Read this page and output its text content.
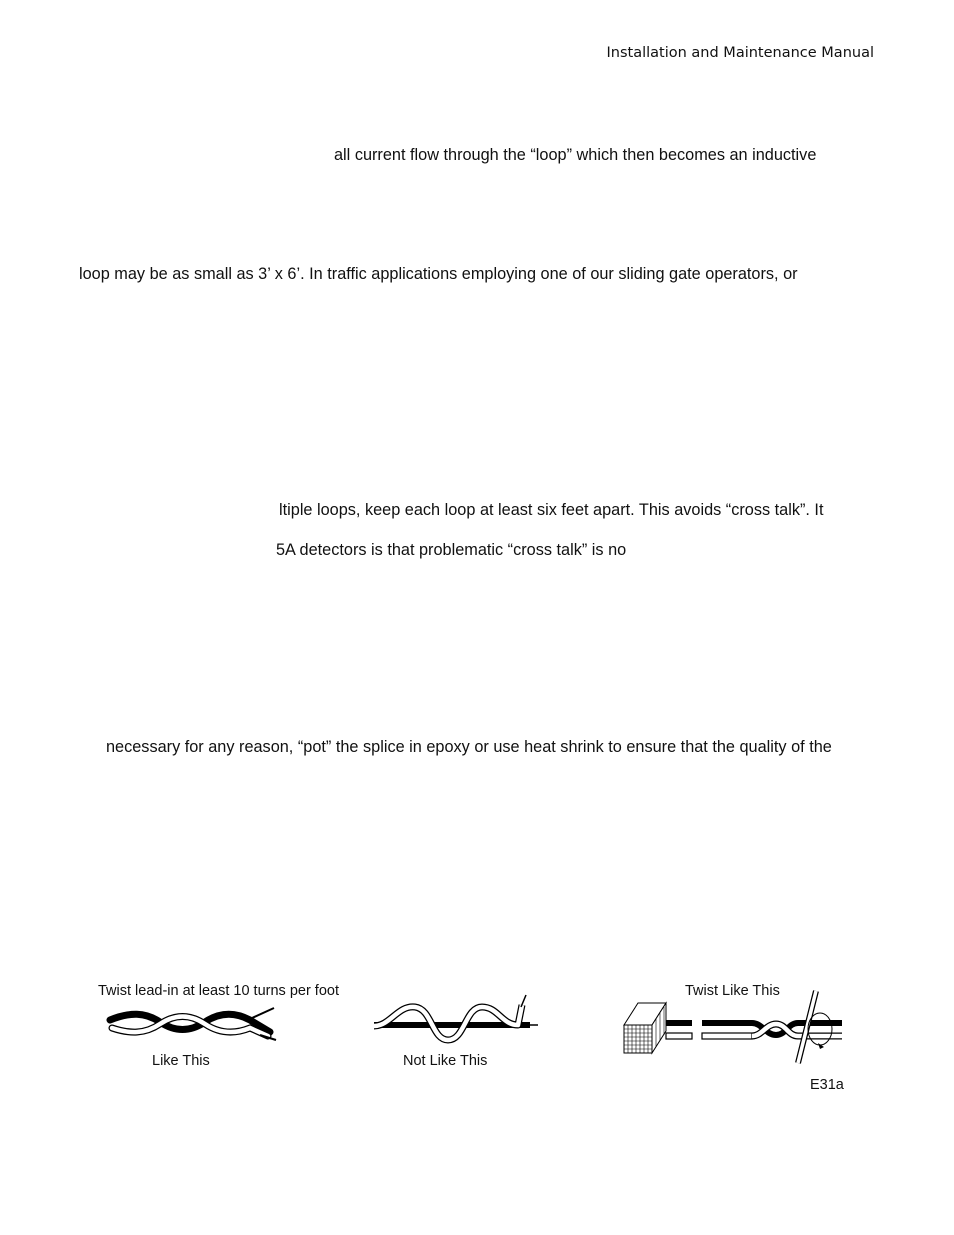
Installation and Maintenance Manual
all current flow through the “loop” which then becomes an inductive
loop may be as small as 3’ x 6’. In traffic applications employing one of our sliding gate operators, or
ltiple loops, keep each loop at least six feet apart. This avoids “cross talk”. It
5A detectors is that problematic “cross talk” is no
necessary for any reason, “pot” the splice in epoxy or use heat shrink to ensure that the quality of the
Twist lead-in at least 10 turns per foot
Like This	Not Like This
Twist Like This
E31a
